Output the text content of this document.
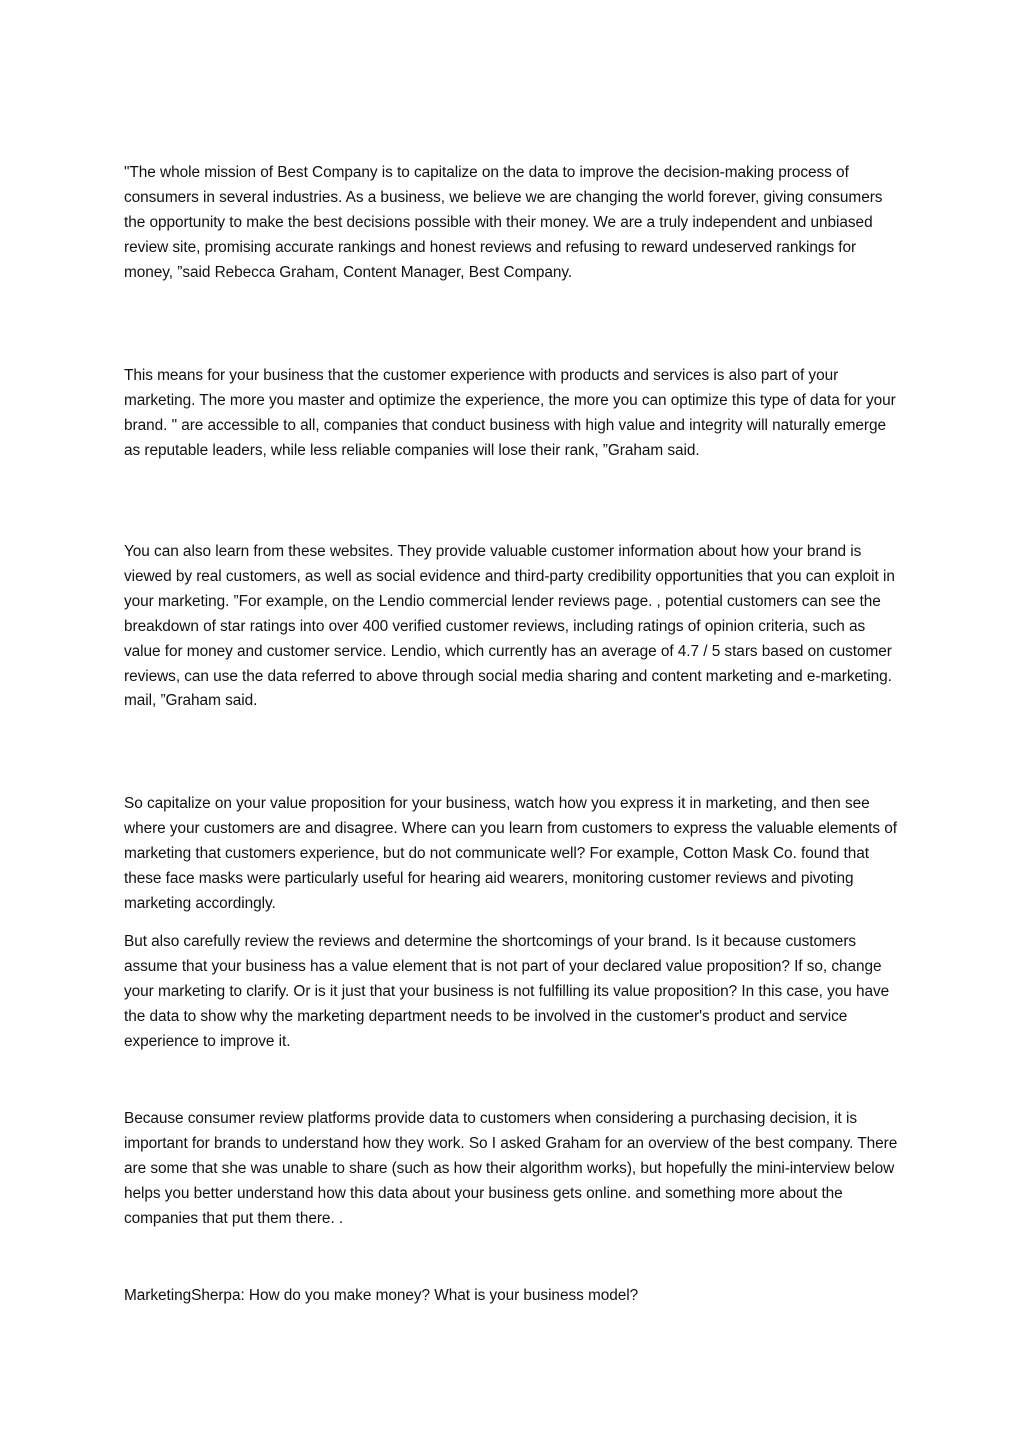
"The whole mission of Best Company is to capitalize on the data to improve the decision-making process of consumers in several industries. As a business, we believe we are changing the world forever, giving consumers the opportunity to make the best decisions possible with their money. We are a truly independent and unbiased review site, promising accurate rankings and honest reviews and refusing to reward undeserved rankings for money, ”said Rebecca Graham, Content Manager, Best Company.

This means for your business that the customer experience with products and services is also part of your marketing. The more you master and optimize the experience, the more you can optimize this type of data for your brand. " are accessible to all, companies that conduct business with high value and integrity will naturally emerge as reputable leaders, while less reliable companies will lose their rank, ”Graham said.

You can also learn from these websites. They provide valuable customer information about how your brand is viewed by real customers, as well as social evidence and third-party credibility opportunities that you can exploit in your marketing. ”For example, on the Lendio commercial lender reviews page. , potential customers can see the breakdown of star ratings into over 400 verified customer reviews, including ratings of opinion criteria, such as value for money and customer service. Lendio, which currently has an average of 4.7 / 5 stars based on customer reviews, can use the data referred to above through social media sharing and content marketing and e-marketing. mail, ”Graham said.

So capitalize on your value proposition for your business, watch how you express it in marketing, and then see where your customers are and disagree. Where can you learn from customers to express the valuable elements of marketing that customers experience, but do not communicate well? For example, Cotton Mask Co. found that these face masks were particularly useful for hearing aid wearers, monitoring customer reviews and pivoting marketing accordingly.

But also carefully review the reviews and determine the shortcomings of your brand. Is it because customers assume that your business has a value element that is not part of your declared value proposition? If so, change your marketing to clarify. Or is it just that your business is not fulfilling its value proposition? In this case, you have the data to show why the marketing department needs to be involved in the customer's product and service experience to improve it.

Because consumer review platforms provide data to customers when considering a purchasing decision, it is important for brands to understand how they work. So I asked Graham for an overview of the best company. There are some that she was unable to share (such as how their algorithm works), but hopefully the mini-interview below helps you better understand how this data about your business gets online. and something more about the companies that put them there. .

MarketingSherpa: How do you make money? What is your business model?
